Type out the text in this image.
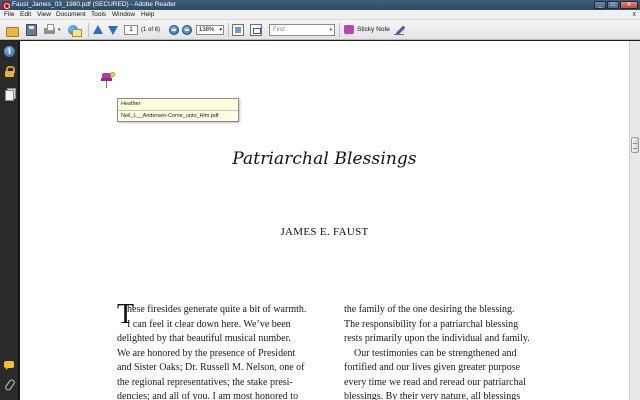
Faust_James_03_1980.pdf (SECURED) - Adobe Reader	_	□	✕
File Edit View Document Tools Window Help	x
▾	1	(1 of 8)	138% ▾	Find	▾	Sticky Note
i
Heather
Neil_L__Andersen-Come_unto_Him.pdf
Patriarchal Blessings
JAMES E. FAUST
T
hese firesides generate quite a bit of warmth.
I can feel it clear down here. We’ve been
delighted by that beautiful musical number.
We are honored by the presence of President
and Sister Oaks; Dr. Russell M. Nelson, one of
the regional representatives; the stake presi-
dencies; and all of you. I am most honored to
the family of the one desiring the blessing.
The responsibility for a patriarchal blessing
rests primarily upon the individual and family.
Our testimonies can be strengthened and
fortified and our lives given greater purpose
every time we read and reread our patriarchal
blessings. By their very nature, all blessings
